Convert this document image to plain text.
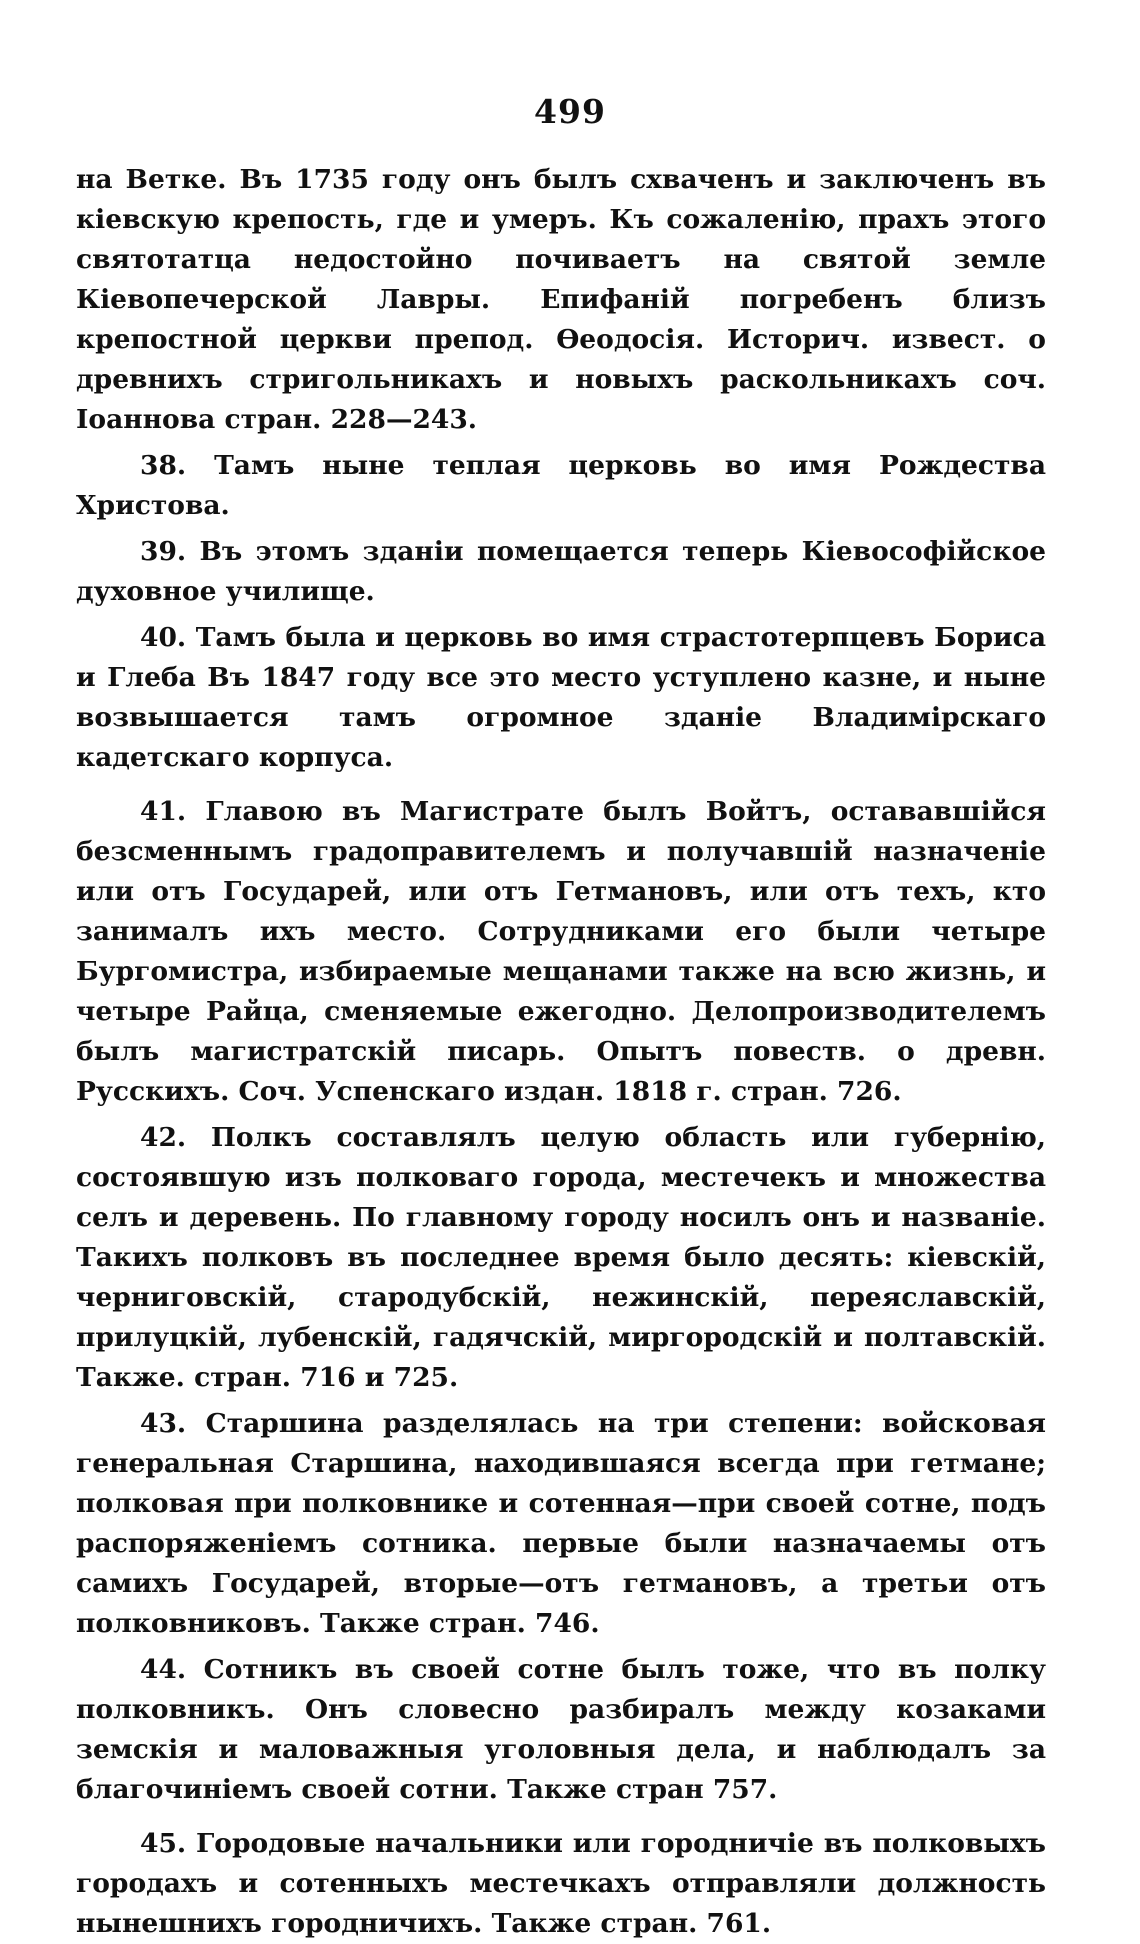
499

на Ветке. Въ 1735 году онъ былъ схваченъ и заключенъ въ кіевскую крепость, где и умеръ. Къ сожаленію, прахъ этого святотатца недостойно почиваетъ на святой земле Кіевопечерской Лавры. Епифаній погребенъ близъ крепостной церкви препод. Өеодосія. Историч. извест. о древнихъ стригольникахъ и новыхъ раскольникахъ соч. Іоаннова стран. 228—243.

38. Тамъ ныне теплая церковь во имя Рождества Христова.

39. Въ этомъ зданіи помещается теперь Кіевософійское духовное училище.

40. Тамъ была и церковь во имя страстотерпцевъ Бориса и Глеба Въ 1847 году все это место уступлено казне, и ныне возвышается тамъ огромное зданіе Владимірскаго кадетскаго корпуса.

41. Главою въ Магистрате былъ Войтъ, остававшійся безсменнымъ градоправителемъ и получавшій назначеніе или отъ Государей, или отъ Гетмановъ, или отъ техъ, кто занималъ ихъ место. Сотрудниками его были четыре Бургомистра, избираемые мещанами также на всю жизнь, и четыре Райца, сменяемые ежегодно. Делопроизводителемъ былъ магистратскій писарь. Опытъ повеств. о древн. Русскихъ. Соч. Успенскаго издан. 1818 г. стран. 726.

42. Полкъ составлялъ целую область или губернію, состоявшую изъ полковаго города, местечекъ и множества селъ и деревень. По главному городу носилъ онъ и названіе. Такихъ полковъ въ последнее время было десять: кіевскій, черниговскій, стародубскій, нежинскій, переяславскій, прилуцкій, лубенскій, гадячскій, миргородскій и полтавскій. Также. стран. 716 и 725.

43. Старшина разделялась на три степени: войсковая генеральная Старшина, находившаяся всегда при гетмане; полковая при полковнике и сотенная—при своей сотне, подъ распоряженіемъ сотника. первые были назначаемы отъ самихъ Государей, вторые—отъ гетмановъ, а третьи отъ полковниковъ. Также стран. 746.

44. Сотникъ въ своей сотне былъ тоже, что въ полку полковникъ. Онъ словесно разбиралъ между козаками земскія и маловажныя уголовныя дела, и наблюдалъ за благочиніемъ своей сотни. Также стран 757.

45. Городовые начальники или городничіе въ полковыхъ городахъ и сотенныхъ местечкахъ отправляли должность нынешнихъ городничихъ. Также стран. 761.
